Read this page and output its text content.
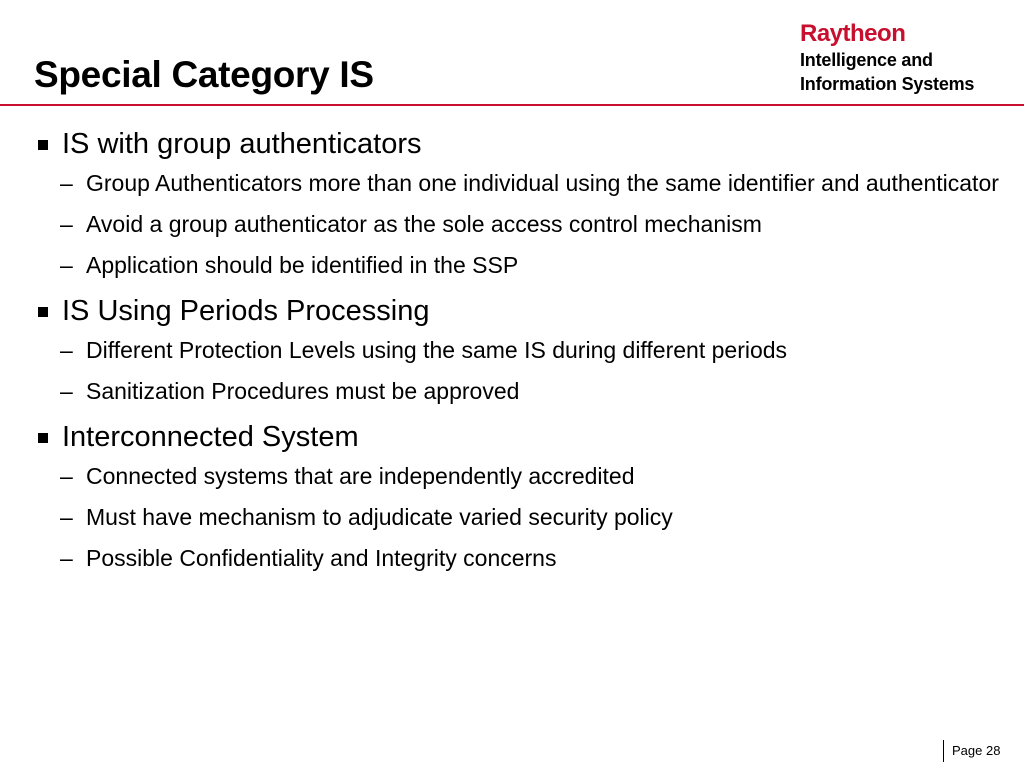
Special Category IS
Raytheon
Intelligence and
Information Systems
IS with group authenticators
– Group Authenticators more than one individual using the same identifier and authenticator
– Avoid a group authenticator as the sole access control mechanism
– Application should be identified in the SSP
IS Using Periods Processing
– Different Protection Levels using the same IS during different periods
– Sanitization Procedures must be approved
Interconnected System
– Connected systems that are independently accredited
– Must have mechanism to adjudicate varied security policy
– Possible Confidentiality and Integrity concerns
Page 28
